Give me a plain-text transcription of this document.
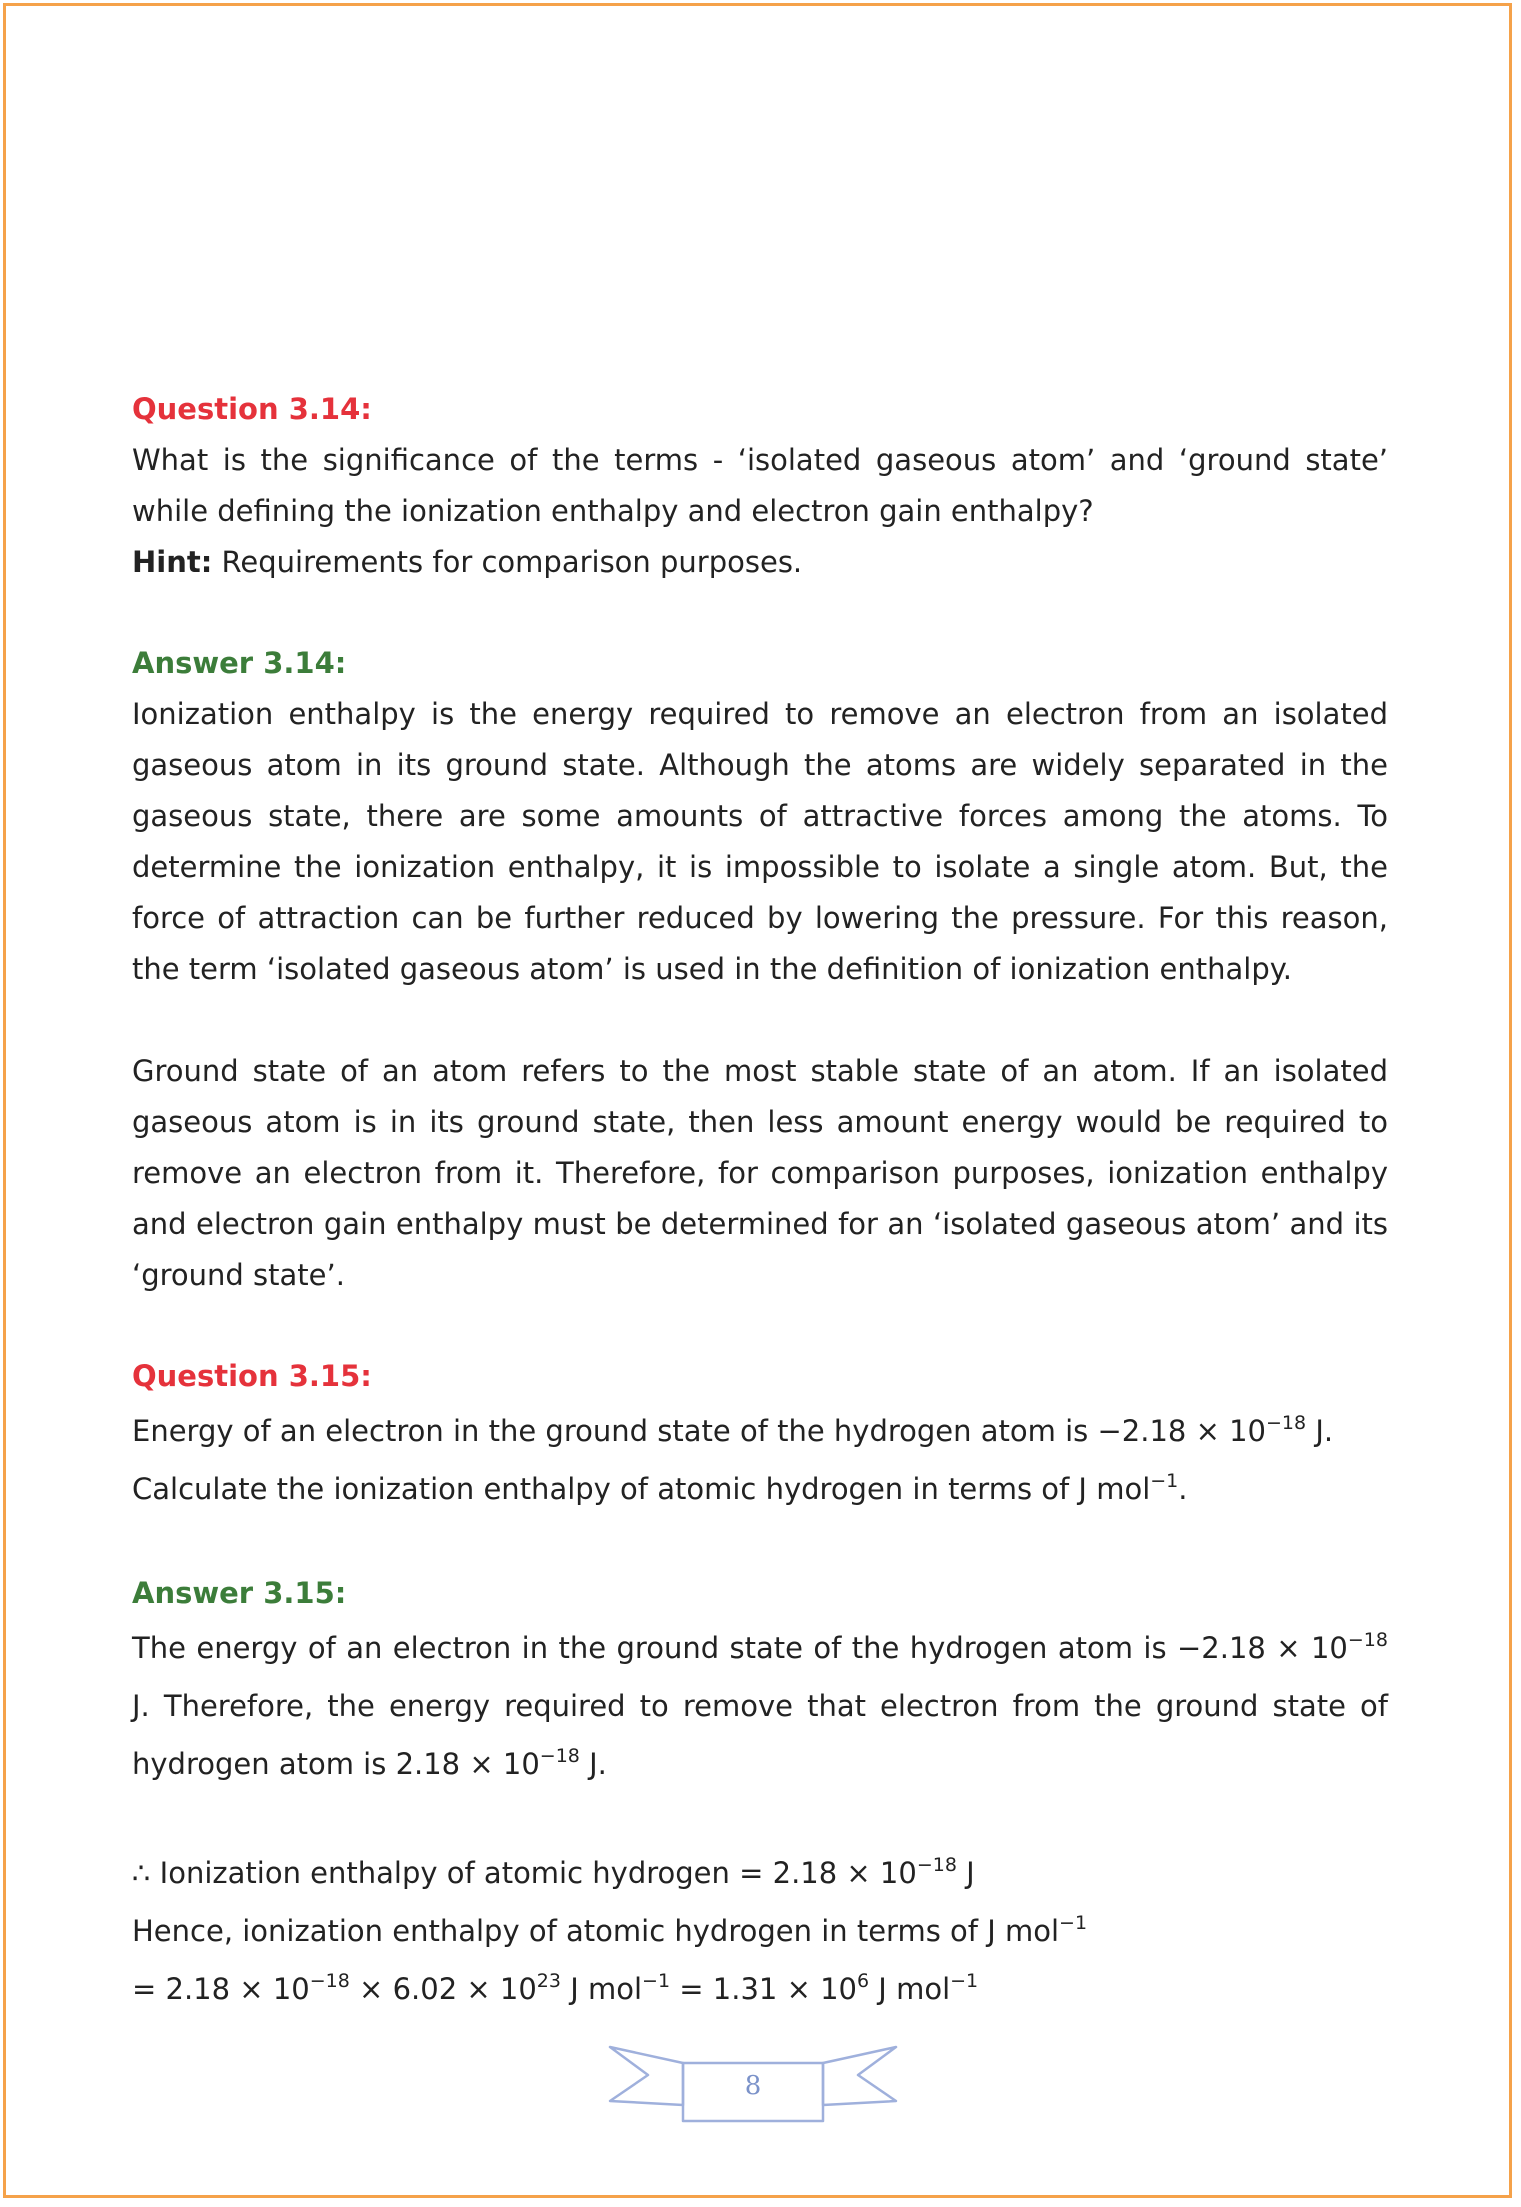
Question 3.14:

What is the significance of the terms - ‘isolated gaseous atom’ and ‘ground state’ while defining the ionization enthalpy and electron gain enthalpy?

Hint: Requirements for comparison purposes.

Answer 3.14:

Ionization enthalpy is the energy required to remove an electron from an isolated gaseous atom in its ground state. Although the atoms are widely separated in the gaseous state, there are some amounts of attractive forces among the atoms. To determine the ionization enthalpy, it is impossible to isolate a single atom. But, the force of attraction can be further reduced by lowering the pressure. For this reason, the term ‘isolated gaseous atom’ is used in the definition of ionization enthalpy.

Ground state of an atom refers to the most stable state of an atom. If an isolated gaseous atom is in its ground state, then less amount energy would be required to remove an electron from it. Therefore, for comparison purposes, ionization enthalpy and electron gain enthalpy must be determined for an ‘isolated gaseous atom’ and its ‘ground state’.

Question 3.15:
Energy of an electron in the ground state of the hydrogen atom is $-2.18 \times 10^{-18}$ J.
Calculate the ionization enthalpy of atomic hydrogen in terms of J mol$^{-1}$.
Answer 3.15:

The energy of an electron in the ground state of the hydrogen atom is $-2.18 \times 10^{-18}$ J. Therefore, the energy required to remove that electron from the ground state of hydrogen atom is $2.18 \times 10^{-18}$ J.

∴ Ionization enthalpy of atomic hydrogen = $2.18 \times 10^{-18}$ J
Hence, ionization enthalpy of atomic hydrogen in terms of J mol$^{-1}$
= $2.18 \times 10^{-18} \times 6.02 \times 10^{23}$ J $mol^{-1} = 1.31 \times 10^6$ J mol$^{-1}$
8
